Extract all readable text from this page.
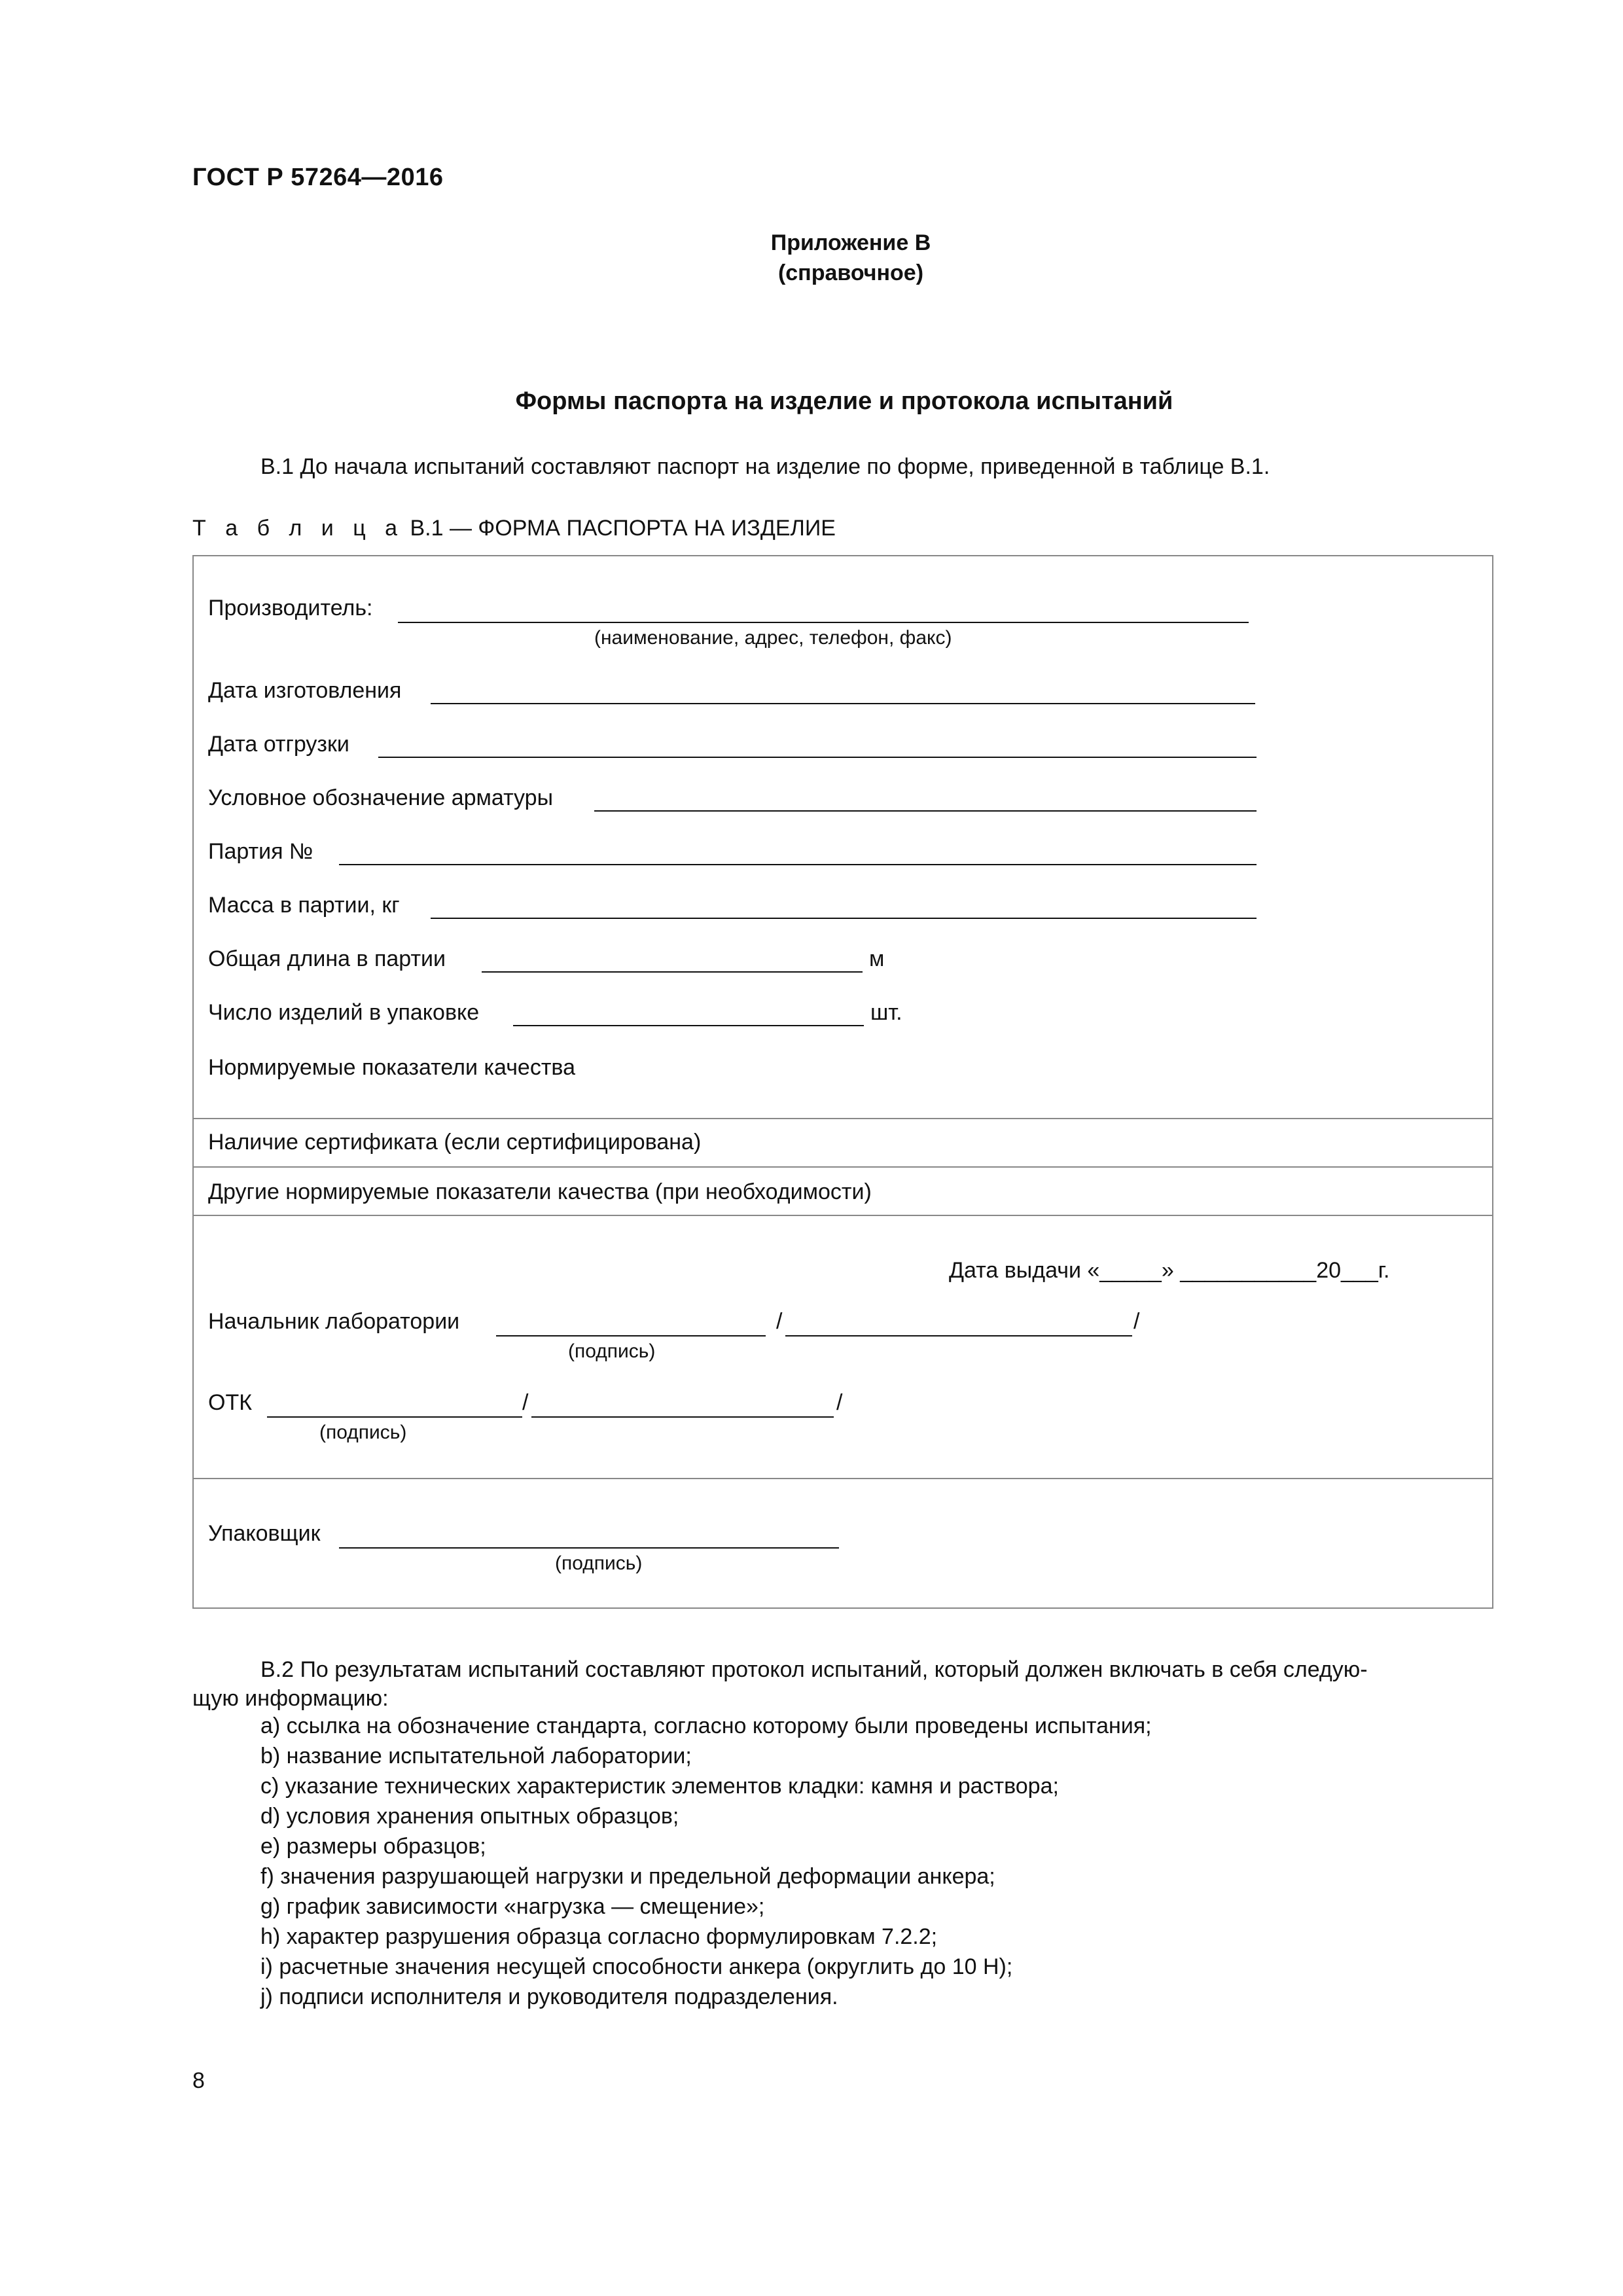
ГОСТ Р 57264—2016
Приложение В
(справочное)
Формы паспорта на изделие и протокола испытаний
В.1 До начала испытаний составляют паспорт на изделие по форме, приведенной в таблице В.1.
Т а б л и ц а В.1 — ФОРМА ПАСПОРТА НА ИЗДЕЛИЕ
Производитель:
(наименование, адрес, телефон, факс)
Дата изготовления
Дата отгрузки
Условное обозначение арматуры
Партия №
Масса в партии, кг
Общая длина в партии	м
Число изделий в упаковке	шт.
Нормируемые показатели качества
Наличие сертификата (если сертифицирована)
Другие нормируемые показатели качества (при необходимости)
Дата выдачи «_____» ___________20___г.
Начальник лаборатории	/	/
(подпись)
ОТК	/	/
(подпись)
Упаковщик
(подпись)
В.2 По результатам испытаний составляют протокол испытаний, который должен включать в себя следую-
щую информацию:
a) ссылка на обозначение стандарта, согласно которому были проведены испытания;
b) название испытательной лаборатории;
c) указание технических характеристик элементов кладки: камня и раствора;
d) условия хранения опытных образцов;
e) размеры образцов;
f) значения разрушающей нагрузки и предельной деформации анкера;
g) график зависимости «нагрузка — смещение»;
h) характер разрушения образца согласно формулировкам 7.2.2;
i) расчетные значения несущей способности анкера (округлить до 10 Н);
j) подписи исполнителя и руководителя подразделения.
8
